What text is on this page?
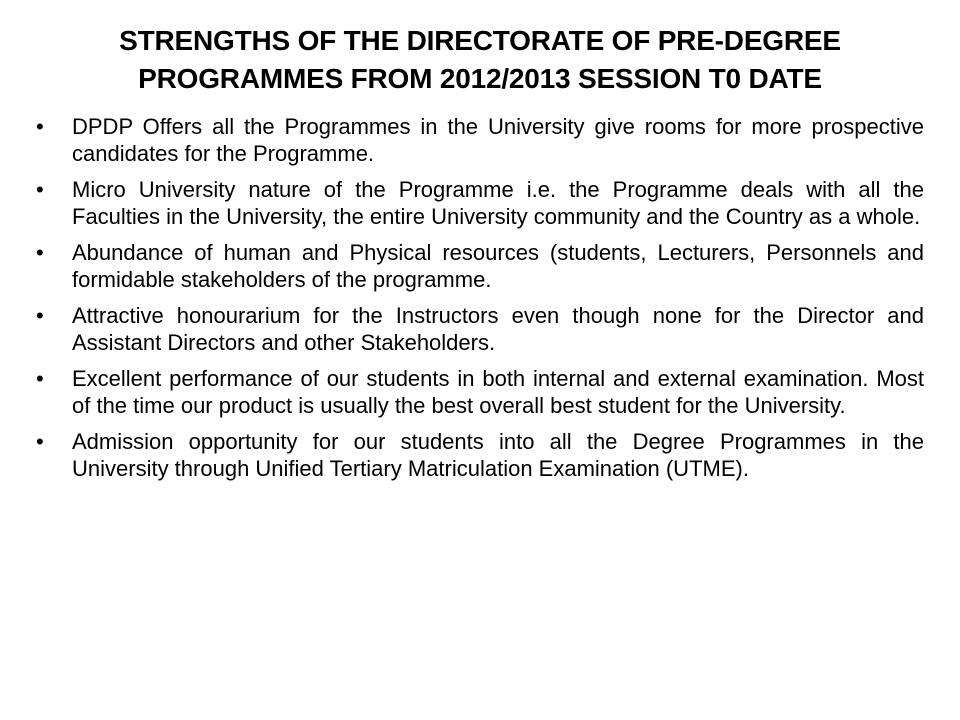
STRENGTHS OF THE DIRECTORATE OF PRE-DEGREE
PROGRAMMES FROM 2012/2013 SESSION T0 DATE
•	DPDP Offers all the Programmes in the University give rooms for more prospective candidates for the Programme.
•	Micro University nature of the Programme i.e. the Programme deals with all the Faculties in the University, the entire University community and the Country as a whole.
•	Abundance of human and Physical resources (students, Lecturers, Personnels and formidable stakeholders of the programme.
•	Attractive honourarium for the Instructors even though none for the Director and Assistant Directors and other Stakeholders.
•	Excellent performance of our students in both internal and external examination. Most of the time our product is usually the best overall best student for the University.
•	Admission opportunity for our students into all the Degree Programmes in the University through Unified Tertiary Matriculation Examination (UTME).
